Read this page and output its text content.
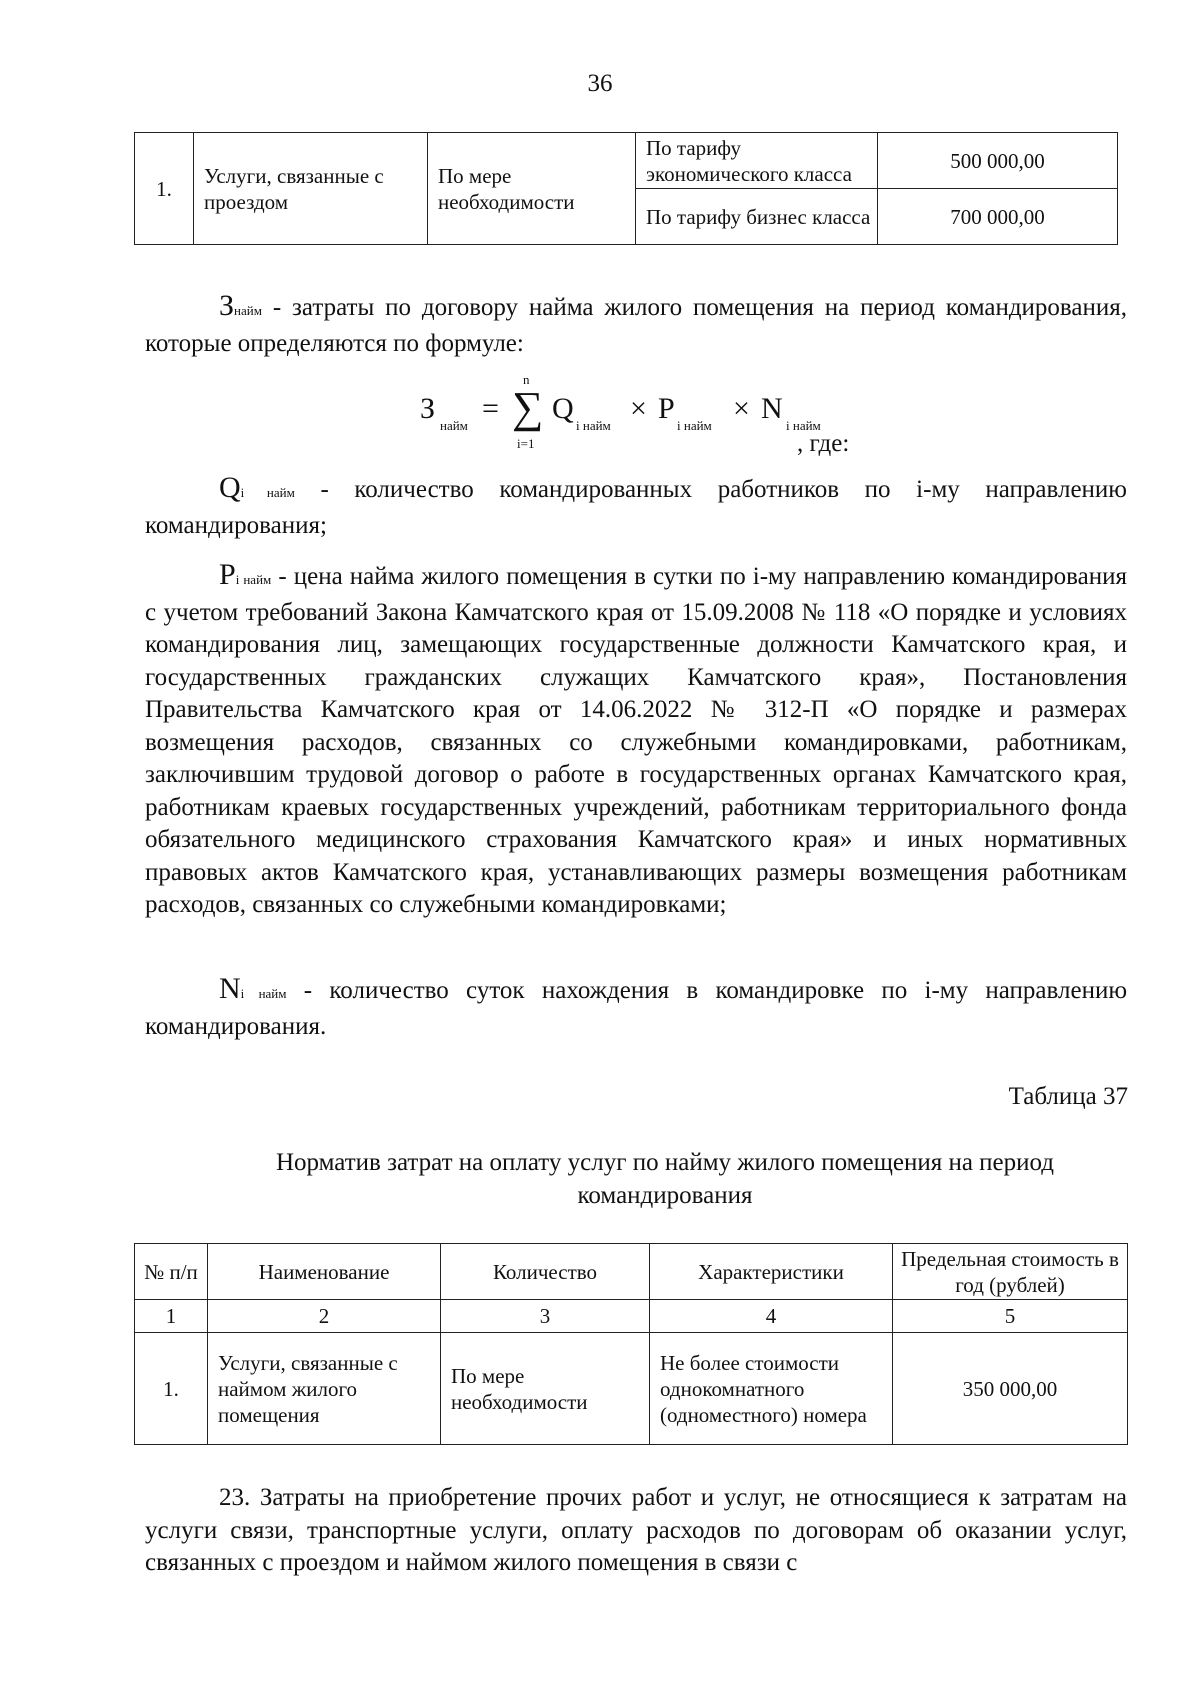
36
1.	Услуги, связанные с проездом	По мере необходимости	По тарифу экономического класса	500 000,00
			По тарифу бизнес класса	700 000,00
Знайм - затраты по договору найма жилого помещения на период командирования, которые определяются по формуле:
З
найм
=
n
∑
i=1
Q
i найм
× P
i найм
× N
i найм
, где:
Qi найм - количество командированных работников по i-му направлению командирования;
Pi найм - цена найма жилого помещения в сутки по i-му направлению командирования с учетом требований Закона Камчатского края от 15.09.2008 № 118 «О порядке и условиях командирования лиц, замещающих государственные должности Камчатского края, и государственных гражданских служащих Камчатского края», Постановления Правительства Камчатского края от 14.06.2022 № 312-П «О порядке и размерах возмещения расходов, связанных со служебными командировками, работникам, заключившим трудовой договор о работе в государственных органах Камчатского края, работникам краевых государственных учреждений, работникам территориального фонда обязательного медицинского страхования Камчатского края» и иных нормативных правовых актов Камчатского края, устанавливающих размеры возмещения работникам расходов, связанных со служебными командировками;
Ni найм - количество суток нахождения в командировке по i-му направлению командирования.
Таблица 37
Норматив затрат на оплату услуг по найму жилого помещения на период командирования
№ п/п	Наименование	Количество	Характеристики	Предельная стоимость в год (рублей)
1	2	3	4	5
1.	Услуги, связанные с наймом жилого помещения	По мере необходимости	Не более стоимости однокомнатного (одноместного) номера	350 000,00
23. Затраты на приобретение прочих работ и услуг, не относящиеся к затратам на услуги связи, транспортные услуги, оплату расходов по договорам об оказании услуг, связанных с проездом и наймом жилого помещения в связи с
